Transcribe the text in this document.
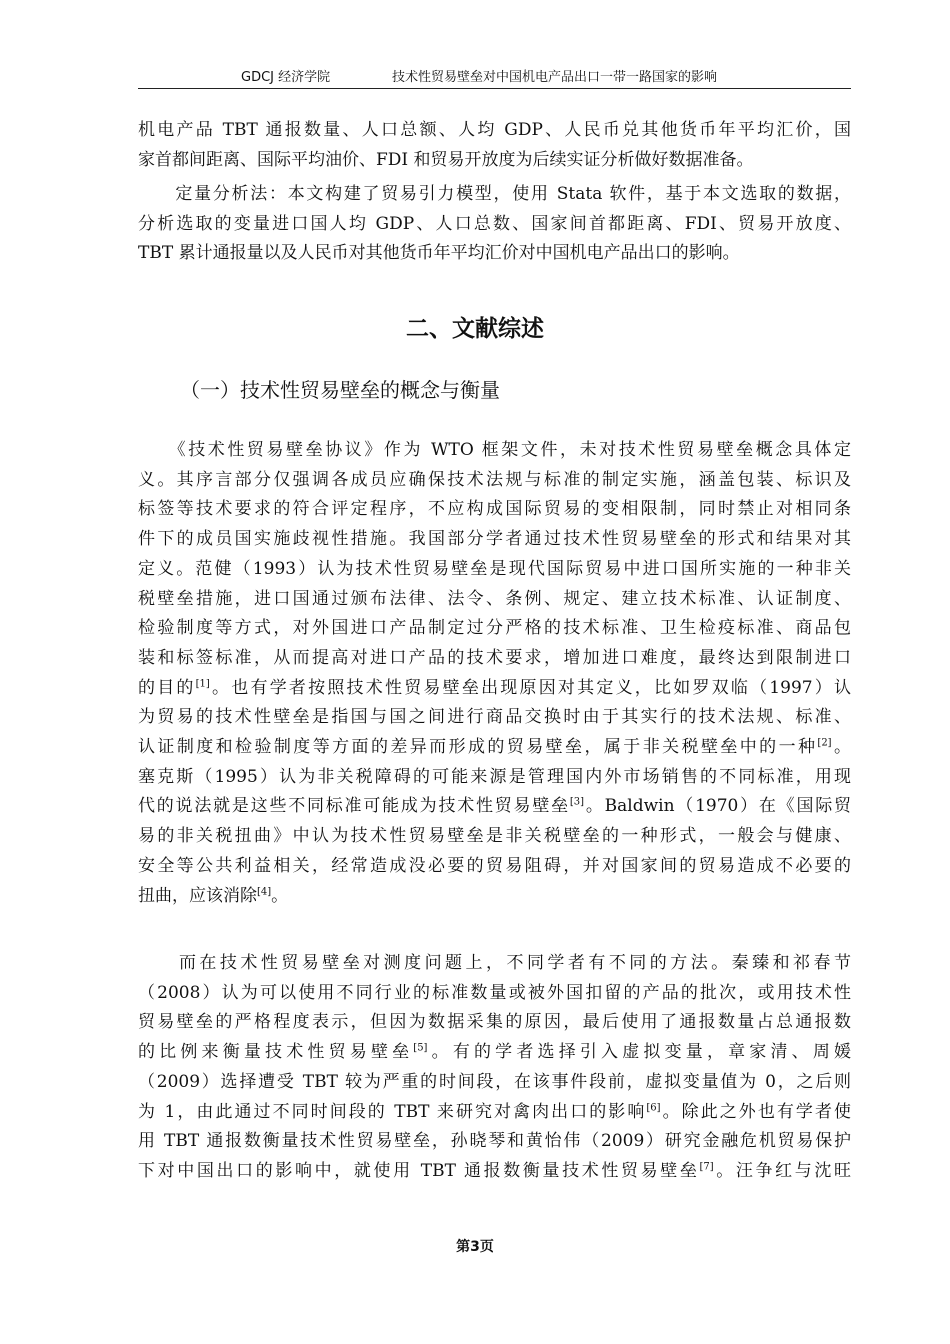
GDCJ 经济学院	技术性贸易壁垒对中国机电产品出口一带一路国家的影响
机电产品 TBT 通报数量、人口总额、人均 GDP、人民币兑其他货币年平均汇价，国
家首都间距离、国际平均油价、FDI 和贸易开放度为后续实证分析做好数据准备。
　　定量分析法：本文构建了贸易引力模型，使用 Stata 软件，基于本文选取的数据，
分析选取的变量进口国人均 GDP、人口总数、国家间首都距离、FDI、贸易开放度、
TBT 累计通报量以及人民币对其他货币年平均汇价对中国机电产品出口的影响。
二、文献综述
（一）技术性贸易壁垒的概念与衡量
　　《技术性贸易壁垒协议》作为 WTO 框架文件，未对技术性贸易壁垒概念具体定
义。其序言部分仅强调各成员应确保技术法规与标准的制定实施，涵盖包装、标识及
标签等技术要求的符合评定程序，不应构成国际贸易的变相限制，同时禁止对相同条
件下的成员国实施歧视性措施。我国部分学者通过技术性贸易壁垒的形式和结果对其
定义。范健（1993）认为技术性贸易壁垒是现代国际贸易中进口国所实施的一种非关
税壁垒措施，进口国通过颁布法律、法令、条例、规定、建立技术标准、认证制度、
检验制度等方式，对外国进口产品制定过分严格的技术标准、卫生检疫标准、商品包
装和标签标准，从而提高对进口产品的技术要求，增加进口难度，最终达到限制进口
的目的[1]。也有学者按照技术性贸易壁垒出现原因对其定义，比如罗双临（1997）认
为贸易的技术性壁垒是指国与国之间进行商品交换时由于其实行的技术法规、标准、
认证制度和检验制度等方面的差异而形成的贸易壁垒，属于非关税壁垒中的一种[2]。
塞克斯（1995）认为非关税障碍的可能来源是管理国内外市场销售的不同标准，用现
代的说法就是这些不同标准可能成为技术性贸易壁垒[3]。Baldwin（1970）在《国际贸
易的非关税扭曲》中认为技术性贸易壁垒是非关税壁垒的一种形式，一般会与健康、
安全等公共利益相关，经常造成没必要的贸易阻碍，并对国家间的贸易造成不必要的
扭曲，应该消除[4]。
　　而在技术性贸易壁垒对测度问题上，不同学者有不同的方法。秦臻和祁春节
（2008）认为可以使用不同行业的标准数量或被外国扣留的产品的批次，或用技术性
贸易壁垒的严格程度表示，但因为数据采集的原因，最后使用了通报数量占总通报数
的比例来衡量技术性贸易壁垒[5]。有的学者选择引入虚拟变量，章家清、周媛
（2009）选择遭受 TBT 较为严重的时间段，在该事件段前，虚拟变量值为 0，之后则
为 1，由此通过不同时间段的 TBT 来研究对禽肉出口的影响[6]。除此之外也有学者使
用 TBT 通报数衡量技术性贸易壁垒，孙晓琴和黄怡伟（2009）研究金融危机贸易保护
下对中国出口的影响中，就使用 TBT 通报数衡量技术性贸易壁垒[7]。汪争红与沈旺
第3页
